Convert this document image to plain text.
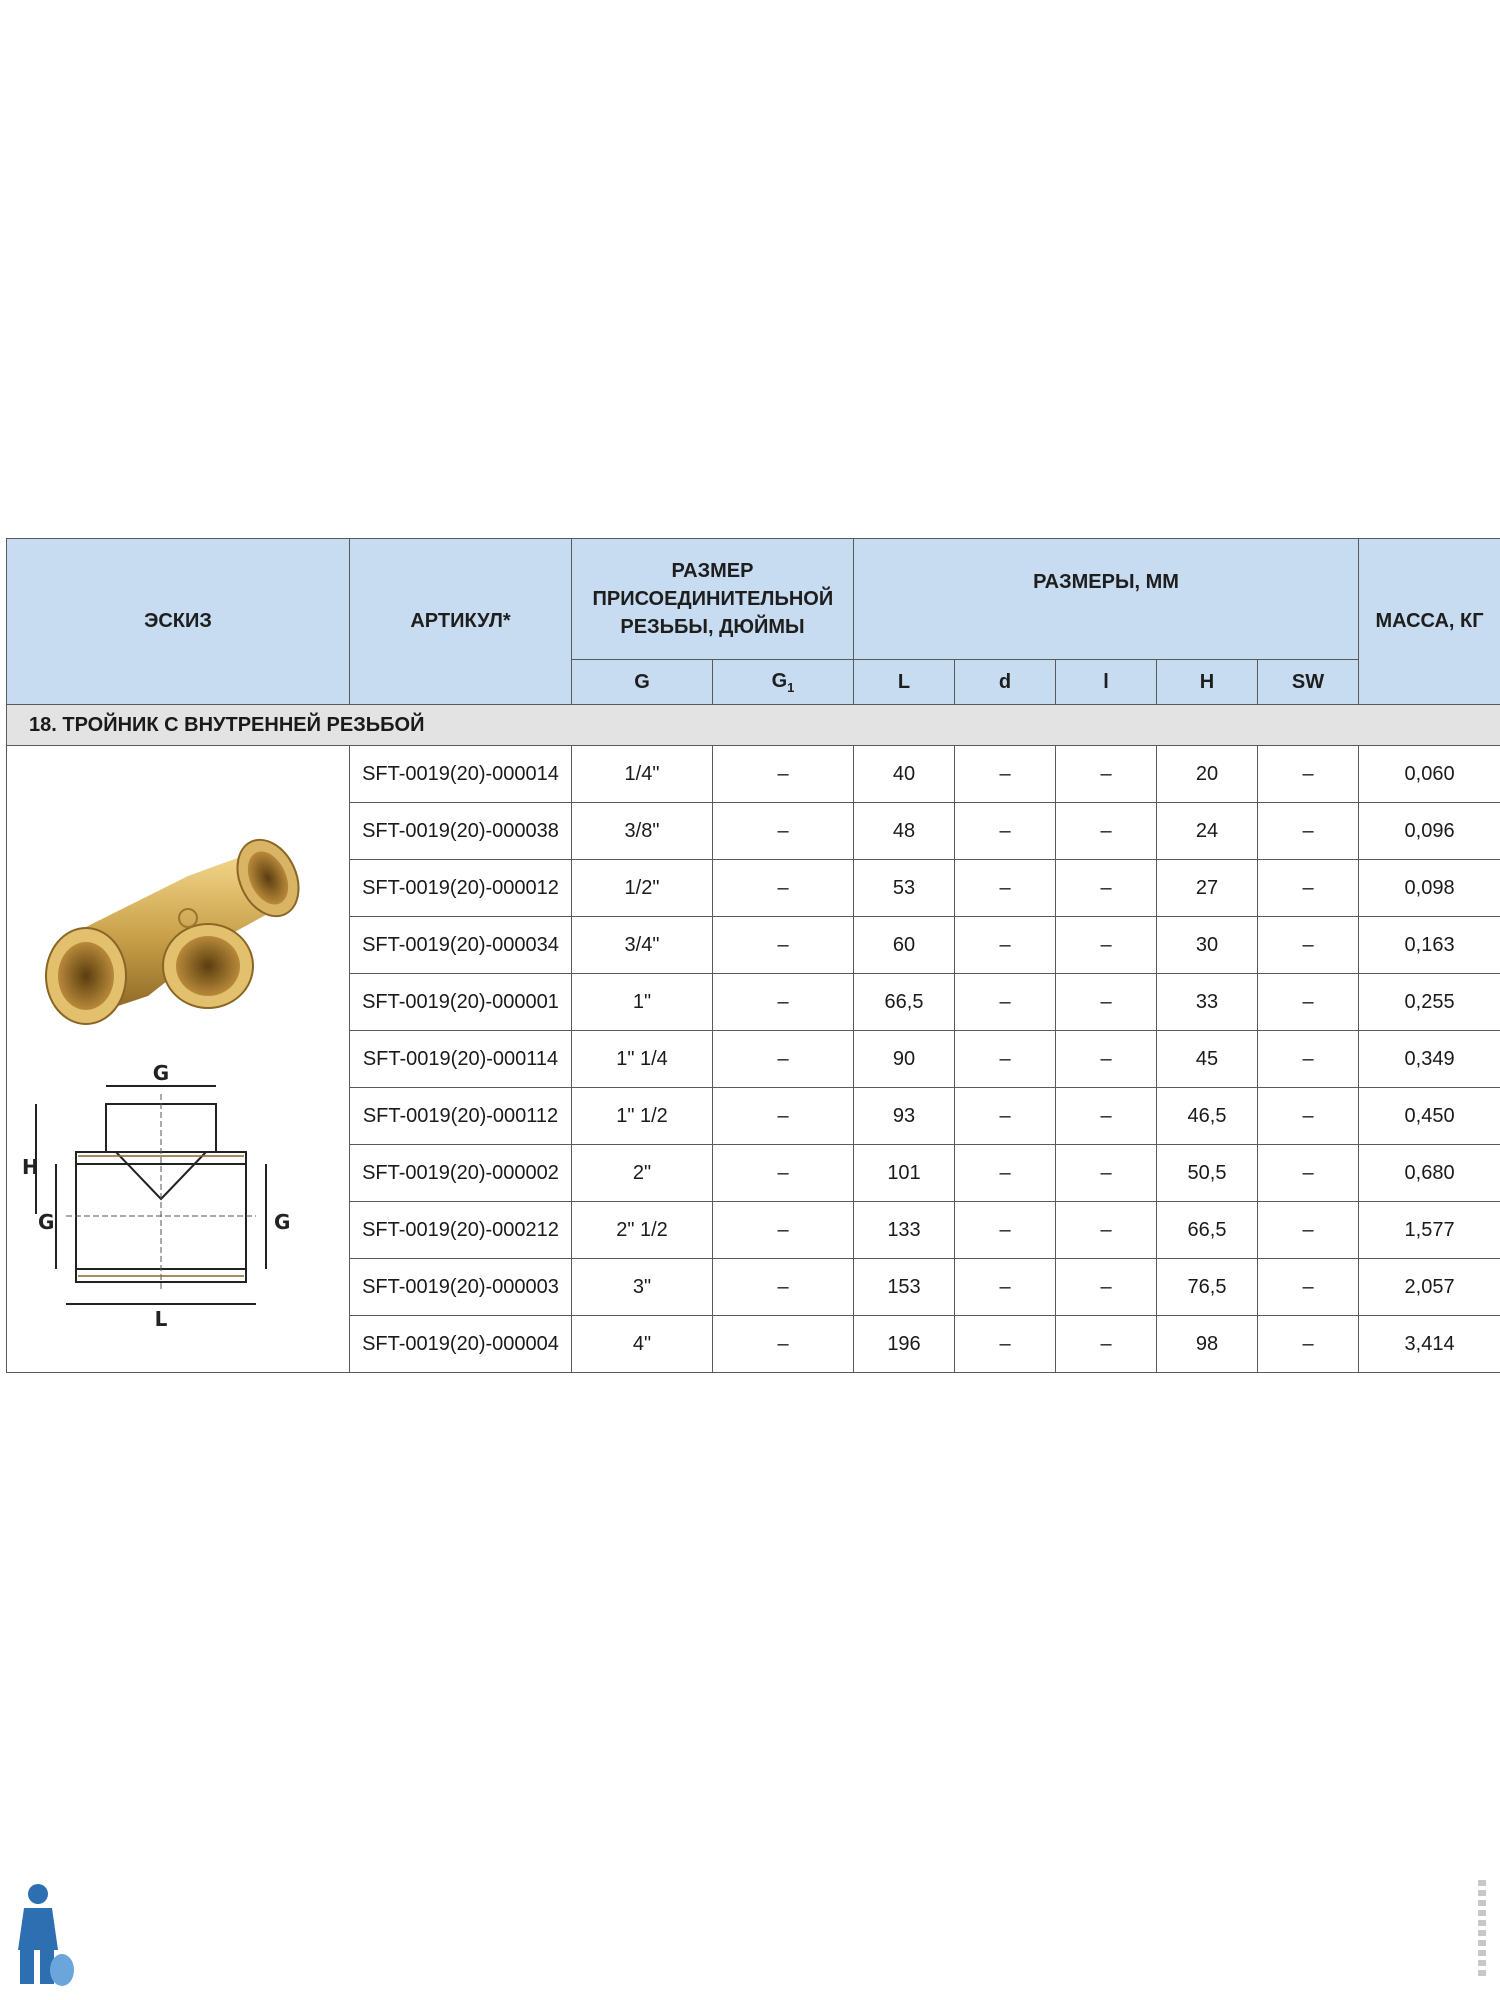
ЭСКИЗ	АРТИКУЛ*	РАЗМЕР ПРИСОЕДИНИТЕЛЬНОЙ РЕЗЬБЫ, ДЮЙМЫ		РАЗМЕРЫ, ММ					МАССА, КГ
		G	$G_1$	L	d	l	H	SW	
18. ТРОЙНИК С ВНУТРЕННЕЙ РЕЗЬБОЙ									

G
H
G G
L	SFT-0019(20)-000014	1/4"	–	40	–	–	20	–	0,060
	SFT-0019(20)-000038	3/8"	–	48	–	–	24	–	0,096
	SFT-0019(20)-000012	1/2"	–	53	–	–	27	–	0,098
	SFT-0019(20)-000034	3/4"	–	60	–	–	30	–	0,163
	SFT-0019(20)-000001	1"	–	66,5	–	–	33	–	0,255
	SFT-0019(20)-000114	1" 1/4	–	90	–	–	45	–	0,349
	SFT-0019(20)-000112	1" 1/2	–	93	–	–	46,5	–	0,450
	SFT-0019(20)-000002	2"	–	101	–	–	50,5	–	0,680
	SFT-0019(20)-000212	2" 1/2	–	133	–	–	66,5	–	1,577
	SFT-0019(20)-000003	3"	–	153	–	–	76,5	–	2,057
	SFT-0019(20)-000004	4"	–	196	–	–	98	–	3,414
